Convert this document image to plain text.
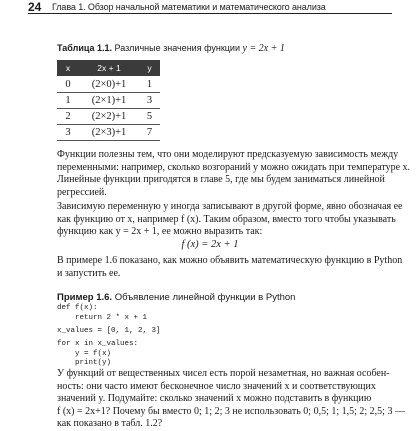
24	Глава 1. Обзор начальной математики и математического анализа
Таблица 1.1. Различные значения функции y = 2x + 1
x	2x + 1	y
0	(2×0)+1	1
1	(2×1)+1	3
2	(2×2)+1	5
3	(2×3)+1	7
Функции полезны тем, что они моделируют предсказуемую зависимость между
переменными: например, сколько возгораний у можно ожидать при температуре x.
Линейные функции пригодятся в главе 5, где мы будем заниматься линейной
регрессией.
Зависимую переменную y иногда записывают в другой форме, явно обозначая ее
как функцию от x, например f (x). Таким образом, вместо того чтобы указывать
функцию как y = 2x + 1, ее можно выразить так:
f (x) = 2x + 1
В примере 1.6 показано, как можно объявить математическую функцию в Python
и запустить ее.
Пример 1.6. Объявление линейной функции в Python
def f(x):
return 2 * x + 1
x_values = [0, 1, 2, 3]
for x in x_values:
y = f(x)
print(y)
У функций от вещественных чисел есть порой незаметная, но важная особен-
ность: они часто имеют бесконечное число значений x и соответствующих
значений y. Подумайте: сколько значений x можно подставить в функцию
f (x) = 2x+1? Почему бы вместо 0; 1; 2; 3 не использовать 0; 0,5; 1; 1,5; 2; 2,5; 3 —
как показано в табл. 1.2?
